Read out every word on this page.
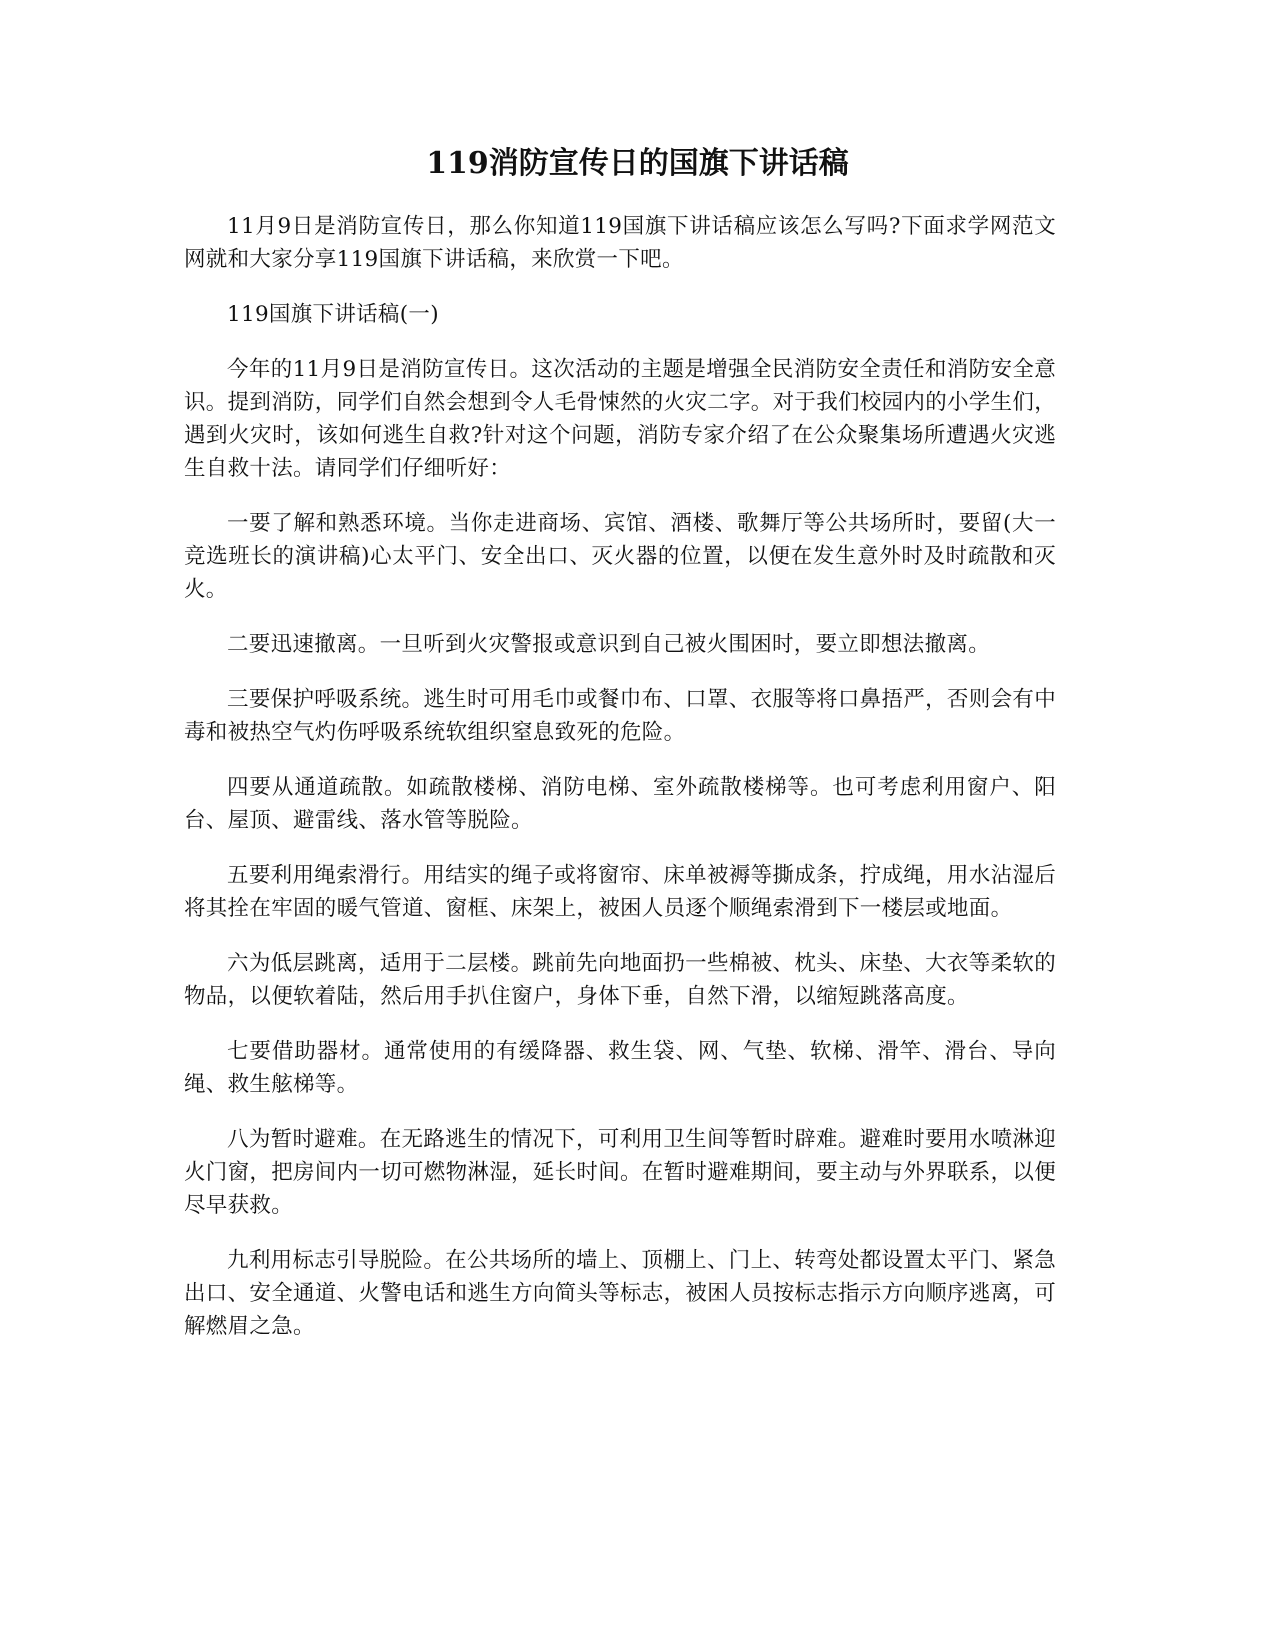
119消防宣传日的国旗下讲话稿

11月9日是消防宣传日，那么你知道119国旗下讲话稿应该怎么写吗?下面求学网范文网就和大家分享119国旗下讲话稿，来欣赏一下吧。

119国旗下讲话稿(一)

今年的11月9日是消防宣传日。这次活动的主题是增强全民消防安全责任和消防安全意识。提到消防，同学们自然会想到令人毛骨悚然的火灾二字。对于我们校园内的小学生们，遇到火灾时，该如何逃生自救?针对这个问题，消防专家介绍了在公众聚集场所遭遇火灾逃生自救十法。请同学们仔细听好：

一要了解和熟悉环境。当你走进商场、宾馆、酒楼、歌舞厅等公共场所时，要留(大一竞选班长的演讲稿)心太平门、安全出口、灭火器的位置，以便在发生意外时及时疏散和灭火。

二要迅速撤离。一旦听到火灾警报或意识到自己被火围困时，要立即想法撤离。

三要保护呼吸系统。逃生时可用毛巾或餐巾布、口罩、衣服等将口鼻捂严，否则会有中毒和被热空气灼伤呼吸系统软组织窒息致死的危险。

四要从通道疏散。如疏散楼梯、消防电梯、室外疏散楼梯等。也可考虑利用窗户、阳台、屋顶、避雷线、落水管等脱险。

五要利用绳索滑行。用结实的绳子或将窗帘、床单被褥等撕成条，拧成绳，用水沾湿后将其拴在牢固的暖气管道、窗框、床架上，被困人员逐个顺绳索滑到下一楼层或地面。

六为低层跳离，适用于二层楼。跳前先向地面扔一些棉被、枕头、床垫、大衣等柔软的物品，以便软着陆，然后用手扒住窗户，身体下垂，自然下滑，以缩短跳落高度。

七要借助器材。通常使用的有缓降器、救生袋、网、气垫、软梯、滑竿、滑台、导向绳、救生舷梯等。

八为暂时避难。在无路逃生的情况下，可利用卫生间等暂时辟难。避难时要用水喷淋迎火门窗，把房间内一切可燃物淋湿，延长时间。在暂时避难期间，要主动与外界联系，以便尽早获救。

九利用标志引导脱险。在公共场所的墙上、顶棚上、门上、转弯处都设置太平门、紧急出口、安全通道、火警电话和逃生方向简头等标志，被困人员按标志指示方向顺序逃离，可解燃眉之急。
